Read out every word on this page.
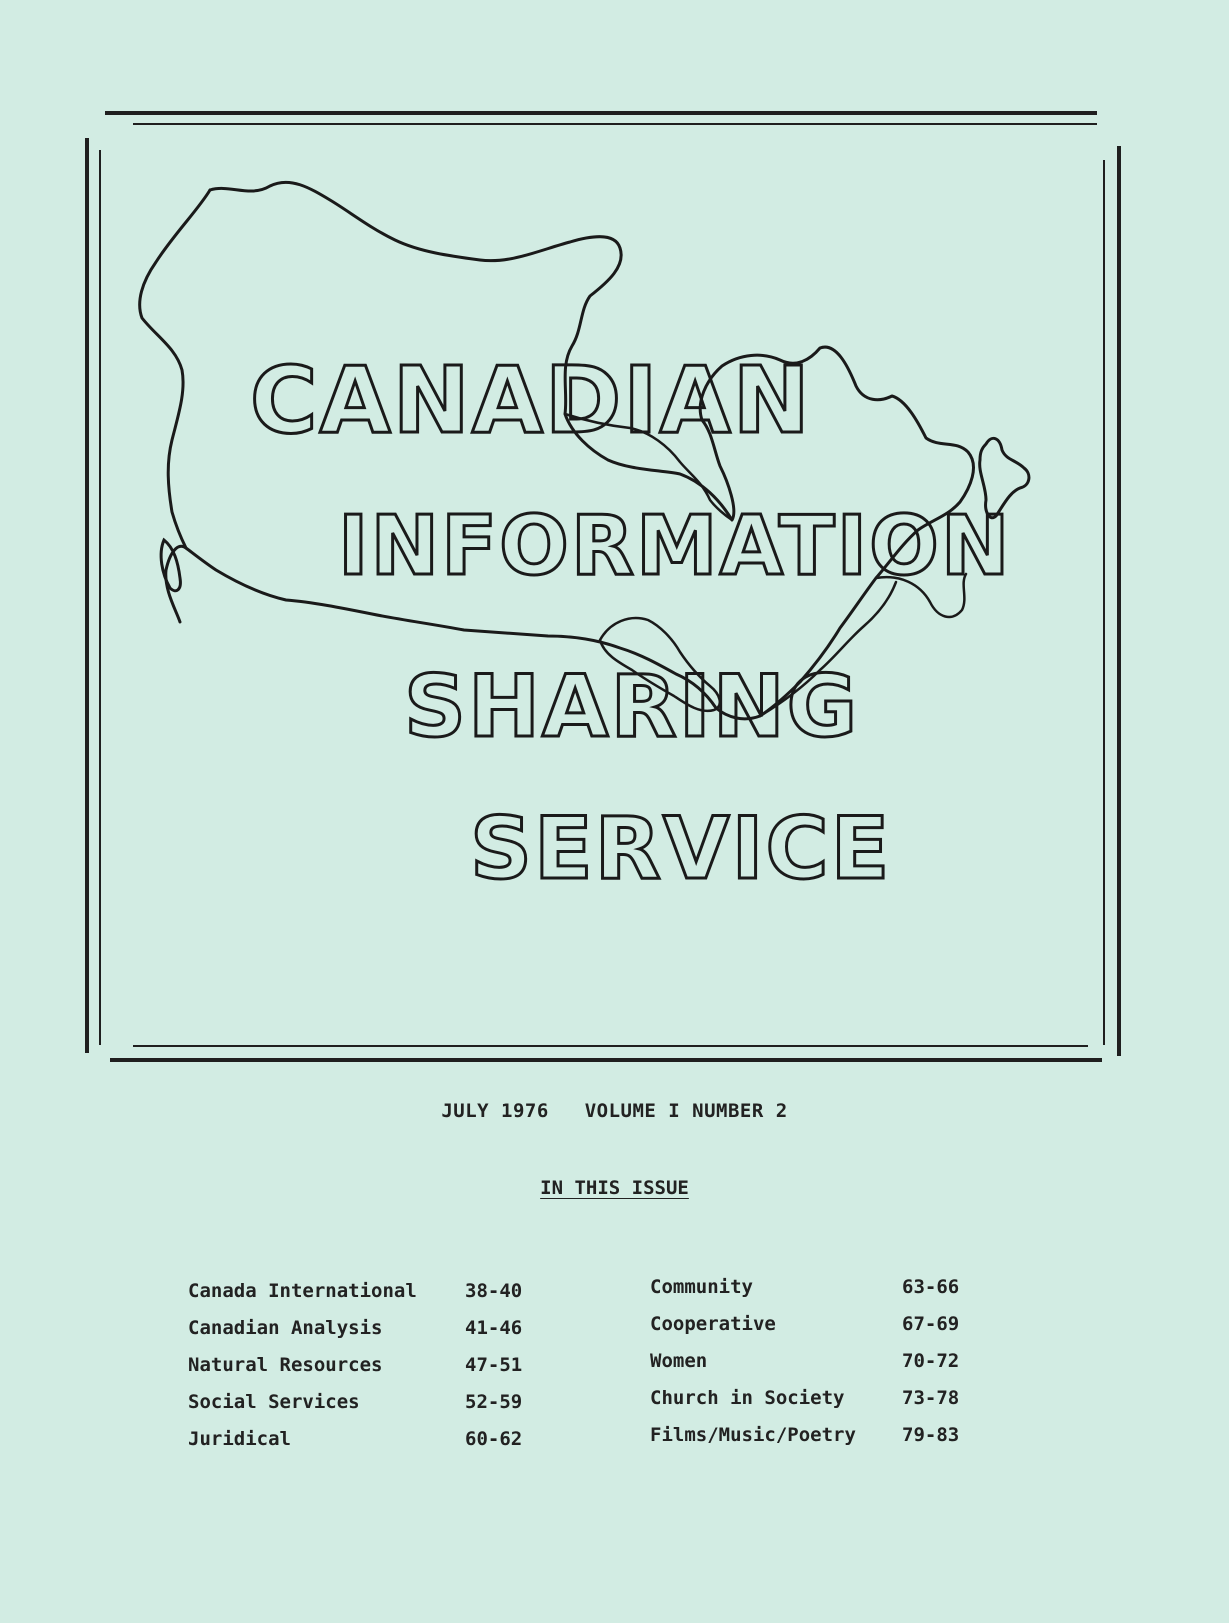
CANADIAN
INFORMATION
SHARING
SERVICE
JULY 1976 VOLUME I NUMBER 2
IN THIS ISSUE
Canada International	38-40
Canadian Analysis	41-46
Natural Resources	47-51
Social Services	52-59
Juridical	60-62
Community	63-66
Cooperative	67-69
Women	70-72
Church in Society	73-78
Films/Music/Poetry	79-83
